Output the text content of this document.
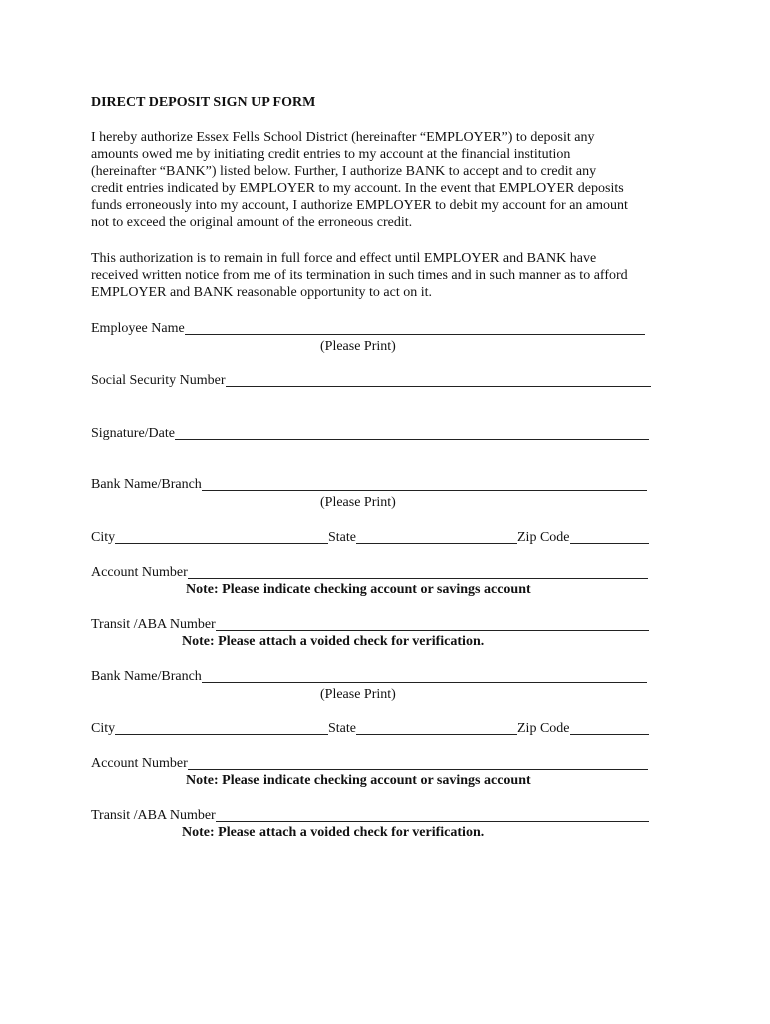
DIRECT DEPOSIT SIGN UP FORM
I hereby authorize Essex Fells School District (hereinafter “EMPLOYER”) to deposit any
amounts owed me by initiating credit entries to my account at the financial institution
(hereinafter “BANK”) listed below. Further, I authorize BANK to accept and to credit any
credit entries indicated by EMPLOYER to my account. In the event that EMPLOYER deposits
funds erroneously into my account, I authorize EMPLOYER to debit my account for an amount
not to exceed the original amount of the erroneous credit.
This authorization is to remain in full force and effect until EMPLOYER and BANK have
received written notice from me of its termination in such times and in such manner as to afford
EMPLOYER and BANK reasonable opportunity to act on it.
Employee Name
(Please Print)
Social Security Number
Signature/Date
Bank Name/Branch
(Please Print)
City	State	Zip Code
Account Number
Note: Please indicate checking account or savings account
Transit /ABA Number
Note: Please attach a voided check for verification.
Bank Name/Branch
(Please Print)
City	State	Zip Code
Account Number
Note: Please indicate checking account or savings account
Transit /ABA Number
Note: Please attach a voided check for verification.
